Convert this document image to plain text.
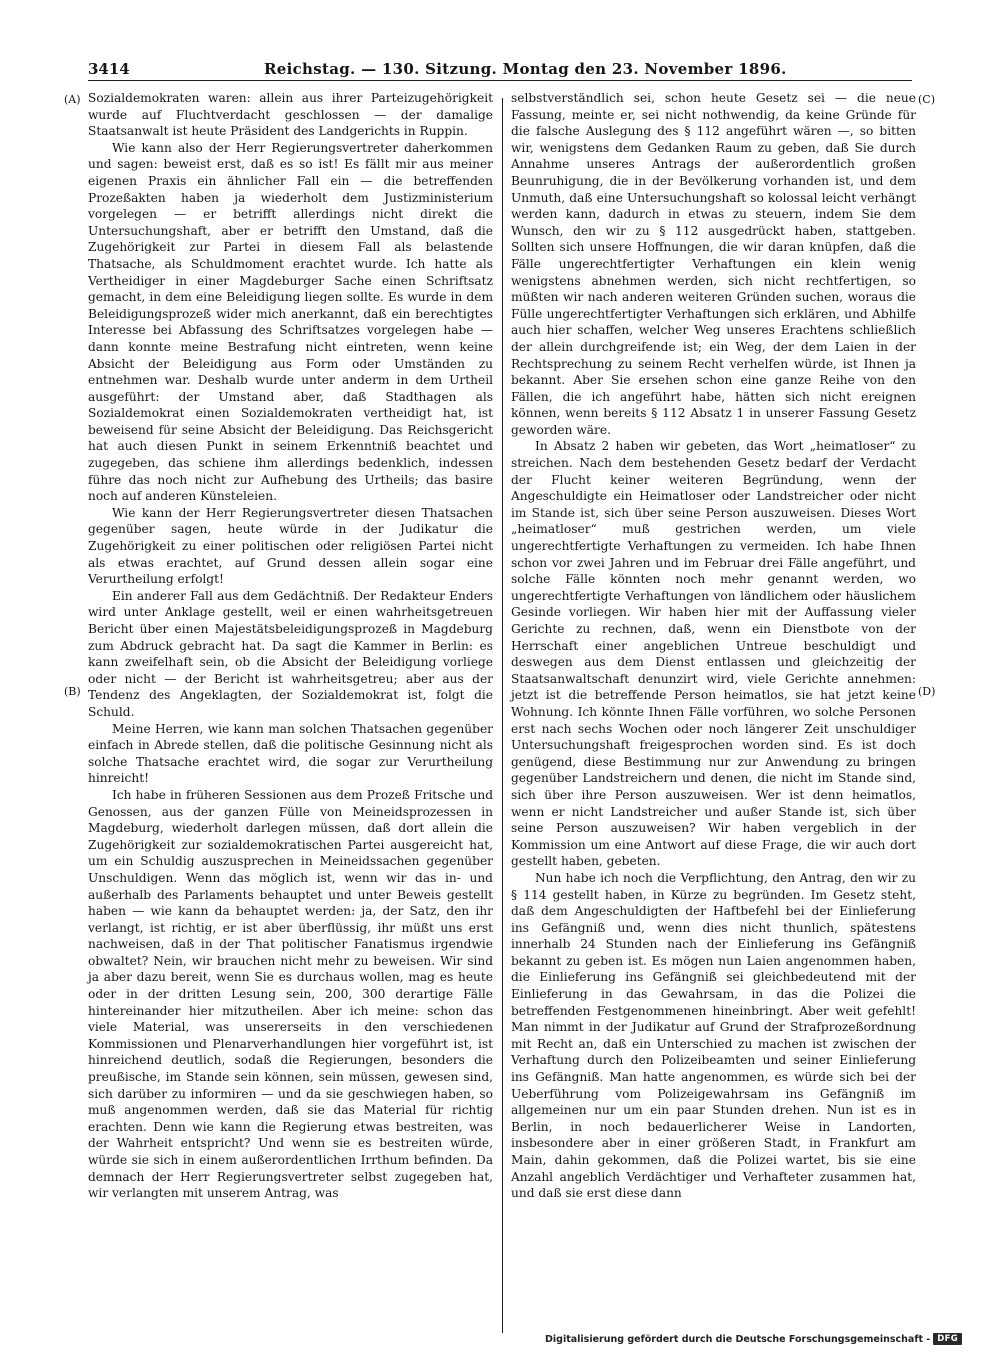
3414	Reichstag. — 130. Sitzung. Montag den 23. November 1896.
(A)
(B)
(C)
(D)

Sozialdemokraten waren: allein aus ihrer Parteizugehörigkeit wurde auf Fluchtverdacht geschlossen — der damalige Staatsanwalt ist heute Präsident des Landgerichts in Ruppin.

Wie kann also der Herr Regierungsvertreter daherkommen und sagen: beweist erst, daß es so ist! Es fällt mir aus meiner eigenen Praxis ein ähnlicher Fall ein — die betreffenden Prozeßakten haben ja wiederholt dem Justizministerium vorgelegen — er betrifft allerdings nicht direkt die Untersuchungshaft, aber er betrifft den Umstand, daß die Zugehörigkeit zur Partei in diesem Fall als belastende Thatsache, als Schuldmoment erachtet wurde. Ich hatte als Vertheidiger in einer Magdeburger Sache einen Schriftsatz gemacht, in dem eine Beleidigung liegen sollte. Es wurde in dem Beleidigungsprozeß wider mich anerkannt, daß ein berechtigtes Interesse bei Abfassung des Schriftsatzes vorgelegen habe — dann konnte meine Bestrafung nicht eintreten, wenn keine Absicht der Beleidigung aus Form oder Umständen zu entnehmen war. Deshalb wurde unter anderm in dem Urtheil ausgeführt: der Umstand aber, daß Stadthagen als Sozialdemokrat einen Sozialdemokraten vertheidigt hat, ist beweisend für seine Absicht der Beleidigung. Das Reichsgericht hat auch diesen Punkt in seinem Erkenntniß beachtet und zugegeben, das schiene ihm allerdings bedenklich, indessen führe das noch nicht zur Aufhebung des Urtheils; das basire noch auf anderen Künsteleien.

Wie kann der Herr Regierungsvertreter diesen Thatsachen gegenüber sagen, heute würde in der Judikatur die Zugehörigkeit zu einer politischen oder religiösen Partei nicht als etwas erachtet, auf Grund dessen allein sogar eine Verurtheilung erfolgt!

Ein anderer Fall aus dem Gedächtniß. Der Redakteur Enders wird unter Anklage gestellt, weil er einen wahrheitsgetreuen Bericht über einen Majestätsbeleidigungsprozeß in Magdeburg zum Abdruck gebracht hat. Da sagt die Kammer in Berlin: es kann zweifelhaft sein, ob die Absicht der Beleidigung vorliege oder nicht — der Bericht ist wahrheitsgetreu; aber aus der Tendenz des Angeklagten, der Sozialdemokrat ist, folgt die Schuld.

Meine Herren, wie kann man solchen Thatsachen gegenüber einfach in Abrede stellen, daß die politische Gesinnung nicht als solche Thatsache erachtet wird, die sogar zur Verurtheilung hinreicht!

Ich habe in früheren Sessionen aus dem Prozeß Fritsche und Genossen, aus der ganzen Fülle von Meineidsprozessen in Magdeburg, wiederholt darlegen müssen, daß dort allein die Zugehörigkeit zur sozialdemokratischen Partei ausgereicht hat, um ein Schuldig auszusprechen in Meineidssachen gegenüber Unschuldigen. Wenn das möglich ist, wenn wir das in- und außerhalb des Parlaments behauptet und unter Beweis gestellt haben — wie kann da behauptet werden: ja, der Satz, den ihr verlangt, ist richtig, er ist aber überflüssig, ihr müßt uns erst nachweisen, daß in der That politischer Fanatismus irgendwie obwaltet? Nein, wir brauchen nicht mehr zu beweisen. Wir sind ja aber dazu bereit, wenn Sie es durchaus wollen, mag es heute oder in der dritten Lesung sein, 200, 300 derartige Fälle hintereinander hier mitzutheilen. Aber ich meine: schon das viele Material, was unsererseits in den verschiedenen Kommissionen und Plenarverhandlungen hier vorgeführt ist, ist hinreichend deutlich, sodaß die Regierungen, besonders die preußische, im Stande sein können, sein müssen, gewesen sind, sich darüber zu informiren — und da sie geschwiegen haben, so muß angenommen werden, daß sie das Material für richtig erachten. Denn wie kann die Regierung etwas bestreiten, was der Wahrheit entspricht? Und wenn sie es bestreiten würde, würde sie sich in einem außerordentlichen Irrthum befinden. Da demnach der Herr Regierungsvertreter selbst zugegeben hat, wir verlangten mit unserem Antrag, was

selbstverständlich sei, schon heute Gesetz sei — die neue Fassung, meinte er, sei nicht nothwendig, da keine Gründe für die falsche Auslegung des § 112 angeführt wären —, so bitten wir, wenigstens dem Gedanken Raum zu geben, daß Sie durch Annahme unseres Antrags der außerordentlich großen Beunruhigung, die in der Bevölkerung vorhanden ist, und dem Unmuth, daß eine Untersuchungshaft so kolossal leicht verhängt werden kann, dadurch in etwas zu steuern, indem Sie dem Wunsch, den wir zu § 112 ausgedrückt haben, stattgeben. Sollten sich unsere Hoffnungen, die wir daran knüpfen, daß die Fälle ungerechtfertigter Verhaftungen ein klein wenig wenigstens abnehmen werden, sich nicht rechtfertigen, so müßten wir nach anderen weiteren Gründen suchen, woraus die Fülle ungerechtfertigter Verhaftungen sich erklären, und Abhilfe auch hier schaffen, welcher Weg unseres Erachtens schließlich der allein durchgreifende ist; ein Weg, der dem Laien in der Rechtsprechung zu seinem Recht verhelfen würde, ist Ihnen ja bekannt. Aber Sie ersehen schon eine ganze Reihe von den Fällen, die ich angeführt habe, hätten sich nicht ereignen können, wenn bereits § 112 Absatz 1 in unserer Fassung Gesetz geworden wäre.

In Absatz 2 haben wir gebeten, das Wort „heimatloser“ zu streichen. Nach dem bestehenden Gesetz bedarf der Verdacht der Flucht keiner weiteren Begründung, wenn der Angeschuldigte ein Heimatloser oder Landstreicher oder nicht im Stande ist, sich über seine Person auszuweisen. Dieses Wort „heimatloser“ muß gestrichen werden, um viele ungerechtfertigte Verhaftungen zu vermeiden. Ich habe Ihnen schon vor zwei Jahren und im Februar drei Fälle angeführt, und solche Fälle könnten noch mehr genannt werden, wo ungerechtfertigte Verhaftungen von ländlichem oder häuslichem Gesinde vorliegen. Wir haben hier mit der Auffassung vieler Gerichte zu rechnen, daß, wenn ein Dienstbote von der Herrschaft einer angeblichen Untreue beschuldigt und deswegen aus dem Dienst entlassen und gleichzeitig der Staatsanwaltschaft denunzirt wird, viele Gerichte annehmen: jetzt ist die betreffende Person heimatlos, sie hat jetzt keine Wohnung. Ich könnte Ihnen Fälle vorführen, wo solche Personen erst nach sechs Wochen oder noch längerer Zeit unschuldiger Untersuchungshaft freigesprochen worden sind. Es ist doch genügend, diese Bestimmung nur zur Anwendung zu bringen gegenüber Landstreichern und denen, die nicht im Stande sind, sich über ihre Person auszuweisen. Wer ist denn heimatlos, wenn er nicht Landstreicher und außer Stande ist, sich über seine Person auszuweisen? Wir haben vergeblich in der Kommission um eine Antwort auf diese Frage, die wir auch dort gestellt haben, gebeten.

Nun habe ich noch die Verpflichtung, den Antrag, den wir zu § 114 gestellt haben, in Kürze zu begründen. Im Gesetz steht, daß dem Angeschuldigten der Haftbefehl bei der Einlieferung ins Gefängniß und, wenn dies nicht thunlich, spätestens innerhalb 24 Stunden nach der Einlieferung ins Gefängniß bekannt zu geben ist. Es mögen nun Laien angenommen haben, die Einlieferung ins Gefängniß sei gleichbedeutend mit der Einlieferung in das Gewahrsam, in das die Polizei die betreffenden Festgenommenen hineinbringt. Aber weit gefehlt! Man nimmt in der Judikatur auf Grund der Strafprozeßordnung mit Recht an, daß ein Unterschied zu machen ist zwischen der Verhaftung durch den Polizeibeamten und seiner Einlieferung ins Gefängniß. Man hatte angenommen, es würde sich bei der Ueberführung vom Polizeigewahrsam ins Gefängniß im allgemeinen nur um ein paar Stunden drehen. Nun ist es in Berlin, in noch bedauerlicherer Weise in Landorten, insbesondere aber in einer größeren Stadt, in Frankfurt am Main, dahin gekommen, daß die Polizei wartet, bis sie eine Anzahl angeblich Verdächtiger und Verhafteter zusammen hat, und daß sie erst diese dann

Digitalisierung gefördert durch die Deutsche Forschungsgemeinschaft - DFG
